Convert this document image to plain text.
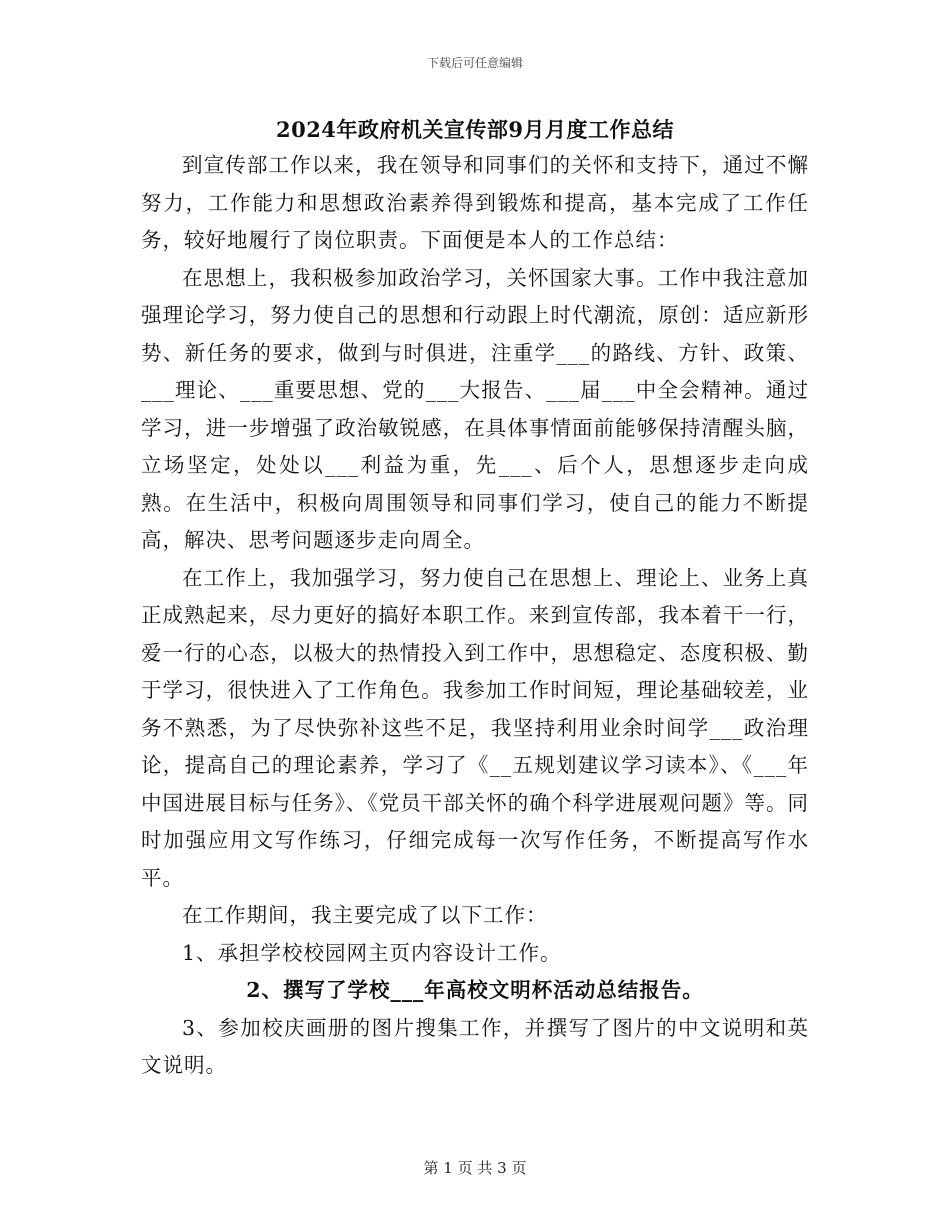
下载后可任意编辑
2024年政府机关宣传部9月月度工作总结

到宣传部工作以来，我在领导和同事们的关怀和支持下，通过不懈努力，工作能力和思想政治素养得到锻炼和提高，基本完成了工作任务，较好地履行了岗位职责。下面便是本人的工作总结：

在思想上，我积极参加政治学习，关怀国家大事。工作中我注意加强理论学习，努力使自己的思想和行动跟上时代潮流，原创：适应新形势、新任务的要求，做到与时俱进，注重学___的路线、方针、政策、___理论、___重要思想、党的___大报告、___届___中全会精神。通过学习，进一步增强了政治敏锐感，在具体事情面前能够保持清醒头脑，立场坚定，处处以___利益为重，先___、后个人，思想逐步走向成熟。在生活中，积极向周围领导和同事们学习，使自己的能力不断提高，解决、思考问题逐步走向周全。

在工作上，我加强学习，努力使自己在思想上、理论上、业务上真正成熟起来，尽力更好的搞好本职工作。来到宣传部，我本着干一行，爱一行的心态，以极大的热情投入到工作中，思想稳定、态度积极、勤于学习，很快进入了工作角色。我参加工作时间短，理论基础较差，业务不熟悉，为了尽快弥补这些不足，我坚持利用业余时间学___政治理论，提高自己的理论素养，学习了《__五规划建议学习读本》、《___年中国进展目标与任务》、《党员干部关怀的确个科学进展观问题》等。同时加强应用文写作练习，仔细完成每一次写作任务，不断提高写作水平。

在工作期间，我主要完成了以下工作：

1、承担学校校园网主页内容设计工作。

2、撰写了学校___年高校文明杯活动总结报告。

3、参加校庆画册的图片搜集工作，并撰写了图片的中文说明和英文说明。

第 1 页 共 3 页
